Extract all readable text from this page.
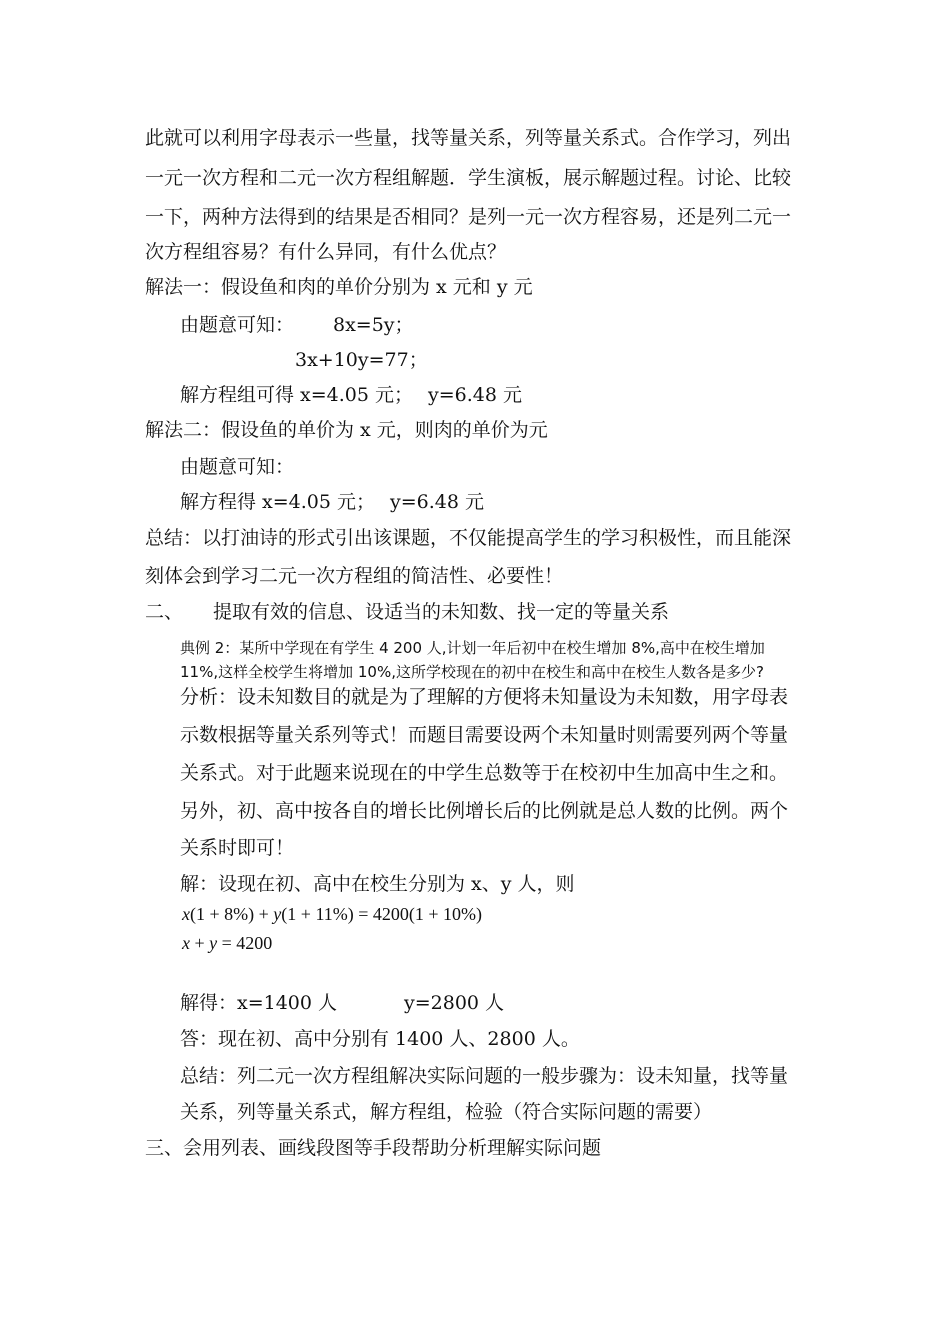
此就可以利用字母表示一些量，找等量关系，列等量关系式。合作学习，列出
一元一次方程和二元一次方程组解题．学生演板，展示解题过程。讨论、比较
一下，两种方法得到的结果是否相同？是列一元一次方程容易，还是列二元一
次方程组容易？有什么异同，有什么优点？
解法一：假设鱼和肉的单价分别为 x 元和 y 元
由题意可知： 8x=5y；
3x+10y=77；
解方程组可得 x=4.05 元； y=6.48 元
解法二：假设鱼的单价为 x 元，则肉的单价为元
由题意可知：
解方程得 x=4.05 元； y=6.48 元
总结：以打油诗的形式引出该课题，不仅能提高学生的学习积极性，而且能深
刻体会到学习二元一次方程组的简洁性、必要性！
二、 提取有效的信息、设适当的未知数、找一定的等量关系
典例 2：某所中学现在有学生 4 200 人,计划一年后初中在校生增加 8%,高中在校生增加
11%,这样全校学生将增加 10%,这所学校现在的初中在校生和高中在校生人数各是多少?
分析：设未知数目的就是为了理解的方便将未知量设为未知数，用字母表
示数根据等量关系列等式！而题目需要设两个未知量时则需要列两个等量
关系式。对于此题来说现在的中学生总数等于在校初中生加高中生之和。
另外，初、高中按各自的增长比例增长后的比例就是总人数的比例。两个
关系时即可！
解：设现在初、高中在校生分别为 x、y 人，则
x(1 + 8%) + y(1 + 11%) = 4200(1 + 10%)
x + y = 4200
解得：x=1400 人	y=2800 人
答：现在初、高中分别有 1400 人、2800 人。
总结：列二元一次方程组解决实际问题的一般步骤为：设未知量，找等量
关系，列等量关系式，解方程组，检验（符合实际问题的需要）
三、会用列表、画线段图等手段帮助分析理解实际问题
